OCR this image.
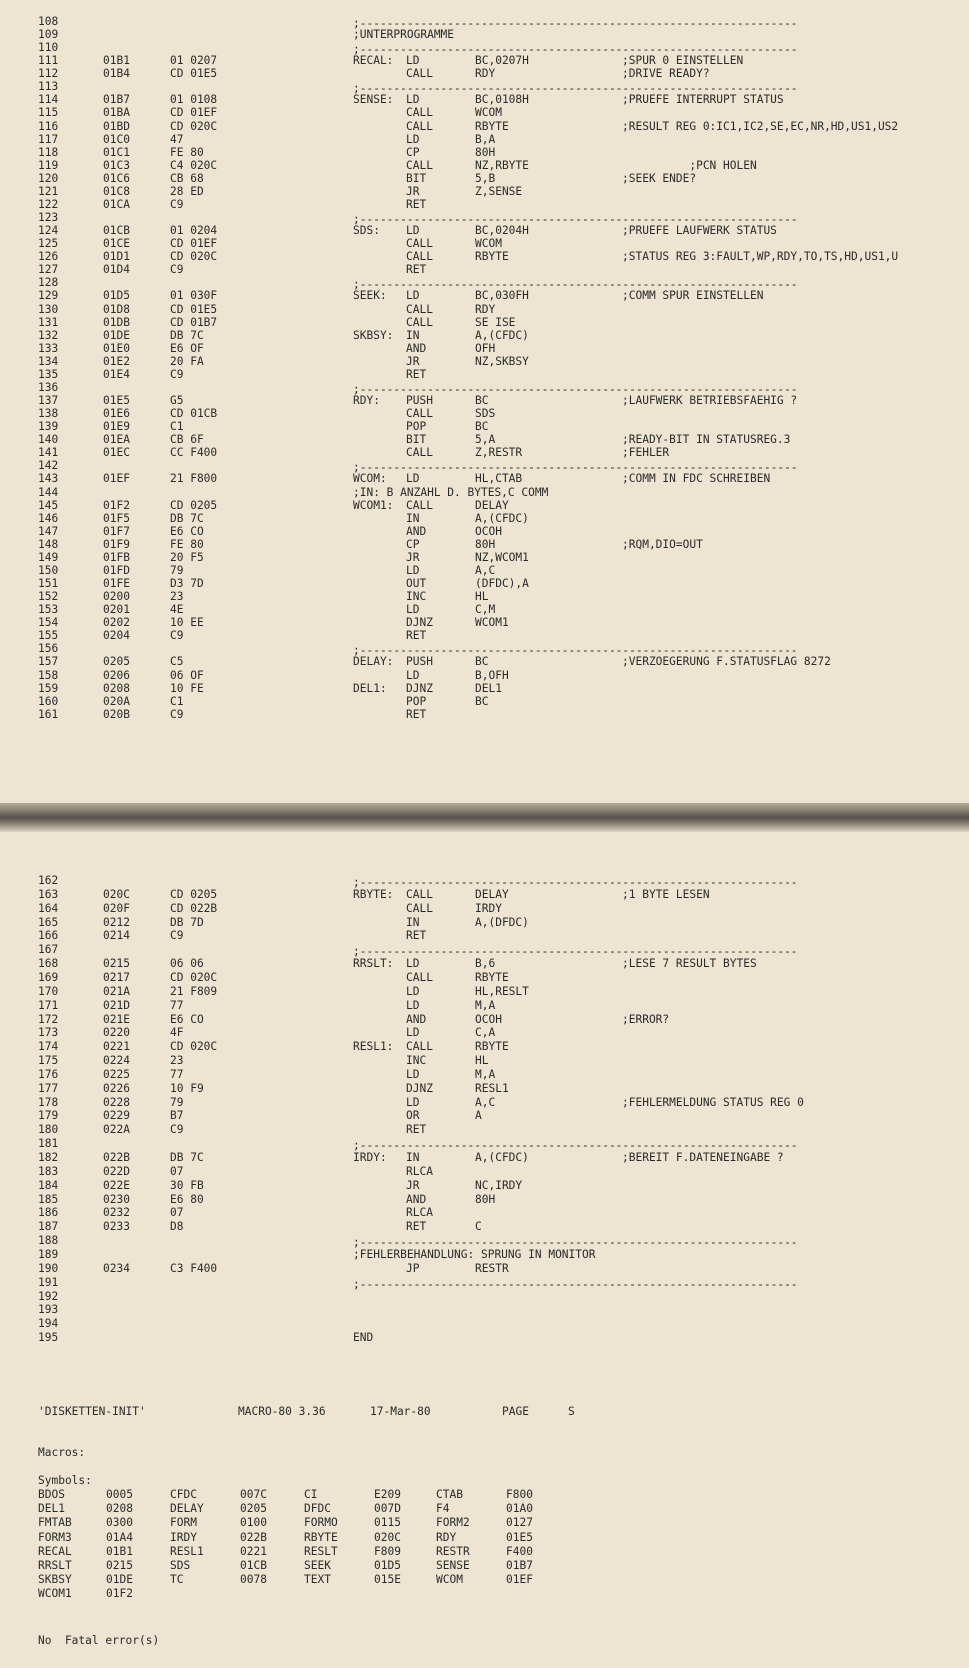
'DISKETTEN-INIT'	MACRO-80 3.36	17-Mar-80	PAGE	S
Macros:
Symbols:
BDOS	0005	CFDC	007C	CI	E209	CTAB	F800
DEL1	0208	DELAY	0205	DFDC	007D	F4	01A0
FMTAB	0300	FORM	0100	FORMO	0115	FORM2	0127
FORM3	01A4	IRDY	022B	RBYTE	020C	RDY	01E5
RECAL	01B1	RESL1	0221	RESLT	F809	RESTR	F400
RRSLT	0215	SDS	01CB	SEEK	01D5	SENSE	01B7
SKBSY	01DE	TC	0078	TEXT	015E	WCOM	01EF
WCOM1	01F2
No  Fatal error(s)
108	;-----------------------------------------------------------------
109	;UNTERPROGRAMME
110	;-----------------------------------------------------------------
111	01B1	01 0207	RECAL: LD	BC,0207H	;SPUR 0 EINSTELLEN
112	01B4	CD 01E5	CALL	RDY	;DRIVE READY?
113	;-----------------------------------------------------------------
114	01B7	01 0108	SENSE: LD	BC,0108H	;PRUEFE INTERRUPT STATUS
115	01BA	CD 01EF	CALL	WCOM
116	01BD	CD 020C	CALL	RBYTE	;RESULT REG 0:IC1,IC2,SE,EC,NR,HD,US1,US2
117	01C0	47	LD	B,A
118	01C1	FE 80	CP	80H
119	01C3	C4 020C	CALL	NZ,RBYTE	;PCN HOLEN
120	01C6	CB 68	BIT	5,B	;SEEK ENDE?
121	01C8	28 ED	JR	Z,SENSE
122	01CA	C9	RET
123	;-----------------------------------------------------------------
124	01CB	01 0204	SDS: LD	BC,0204H	;PRUEFE LAUFWERK STATUS
125	01CE	CD 01EF	CALL	WCOM
126	01D1	CD 020C	CALL	RBYTE	;STATUS REG 3:FAULT,WP,RDY,TO,TS,HD,US1,U
127	01D4	C9	RET
128	;-----------------------------------------------------------------
129	01D5	01 030F	SEEK: LD	BC,030FH	;COMM SPUR EINSTELLEN
130	01D8	CD 01E5	CALL	RDY
131	01DB	CD 01B7	CALL	SE ISE
132	01DE	DB 7C	SKBSY: IN	A,(CFDC)
133	01E0	E6 OF	AND	OFH
134	01E2	20 FA	JR	NZ,SKBSY
135	01E4	C9	RET
136	;-----------------------------------------------------------------
137	01E5	G5	RDY: PUSH	BC	;LAUFWERK BETRIEBSFAEHIG ?
138	01E6	CD 01CB	CALL	SDS
139	01E9	C1	POP	BC
140	01EA	CB 6F	BIT	5,A	;READY-BIT IN STATUSREG.3
141	01EC	CC F400	CALL	Z,RESTR	;FEHLER
142	;-----------------------------------------------------------------
143	01EF	21 F800	WCOM: LD	HL,CTAB	;COMM IN FDC SCHREIBEN
144	;IN: B ANZAHL D. BYTES,C COMM
145	01F2	CD 0205	WCOM1: CALL	DELAY
146	01F5	DB 7C	IN	A,(CFDC)
147	01F7	E6 CO	AND	OCOH
148	01F9	FE 80	CP	80H	;RQM,DIO=OUT
149	01FB	20 F5	JR	NZ,WCOM1
150	01FD	79	LD	A,C
151	01FE	D3 7D	OUT	(DFDC),A
152	0200	23	INC	HL
153	0201	4E	LD	C,M
154	0202	10 EE	DJNZ	WCOM1
155	0204	C9	RET
156	;-----------------------------------------------------------------
157	0205	C5	DELAY: PUSH	BC	;VERZOEGERUNG F.STATUSFLAG 8272
158	0206	06 OF	LD	B,OFH
159	0208	10 FE	DEL1: DJNZ	DEL1
160	020A	C1	POP	BC
161	020B	C9	RET
162	;-----------------------------------------------------------------
163	020C	CD 0205	RBYTE: CALL	DELAY	;1 BYTE LESEN
164	020F	CD 022B	CALL	IRDY
165	0212	DB 7D	IN	A,(DFDC)
166	0214	C9	RET
167	;-----------------------------------------------------------------
168	0215	06 06	RRSLT: LD	B,6	;LESE 7 RESULT BYTES
169	0217	CD 020C	CALL	RBYTE
170	021A	21 F809	LD	HL,RESLT
171	021D	77	LD	M,A
172	021E	E6 CO	AND	OCOH	;ERROR?
173	0220	4F	LD	C,A
174	0221	CD 020C	RESL1: CALL	RBYTE
175	0224	23	INC	HL
176	0225	77	LD	M,A
177	0226	10 F9	DJNZ	RESL1
178	0228	79	LD	A,C	;FEHLERMELDUNG STATUS REG 0
179	0229	B7	OR	A
180	022A	C9	RET
181	;-----------------------------------------------------------------
182	022B	DB 7C	IRDY: IN	A,(CFDC)	;BEREIT F.DATENEINGABE ?
183	022D	07	RLCA
184	022E	30 FB	JR	NC,IRDY
185	0230	E6 80	AND	80H
186	0232	07	RLCA
187	0233	D8	RET	C
188	;-----------------------------------------------------------------
189	;FEHLERBEHANDLUNG: SPRUNG IN MONITOR
190	0234	C3 F400	JP	RESTR
191	;-----------------------------------------------------------------
192
193
194
195	END
